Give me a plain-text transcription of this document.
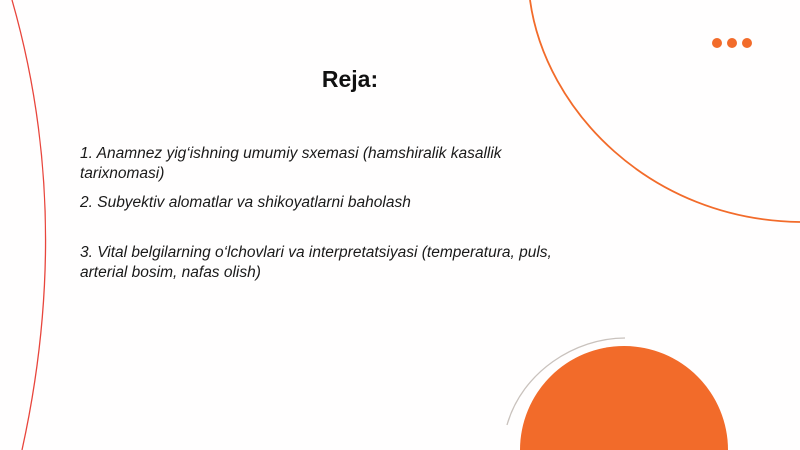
Reja:
1. Anamnez yig‘ishning umumiy sxemasi (hamshiralik kasallik tarixnomasi)
2. Subyektiv alomatlar va shikoyatlarni baholash
3. Vital belgilarning o‘lchovlari va interpretatsiyasi (temperatura, puls, arterial bosim, nafas olish)
